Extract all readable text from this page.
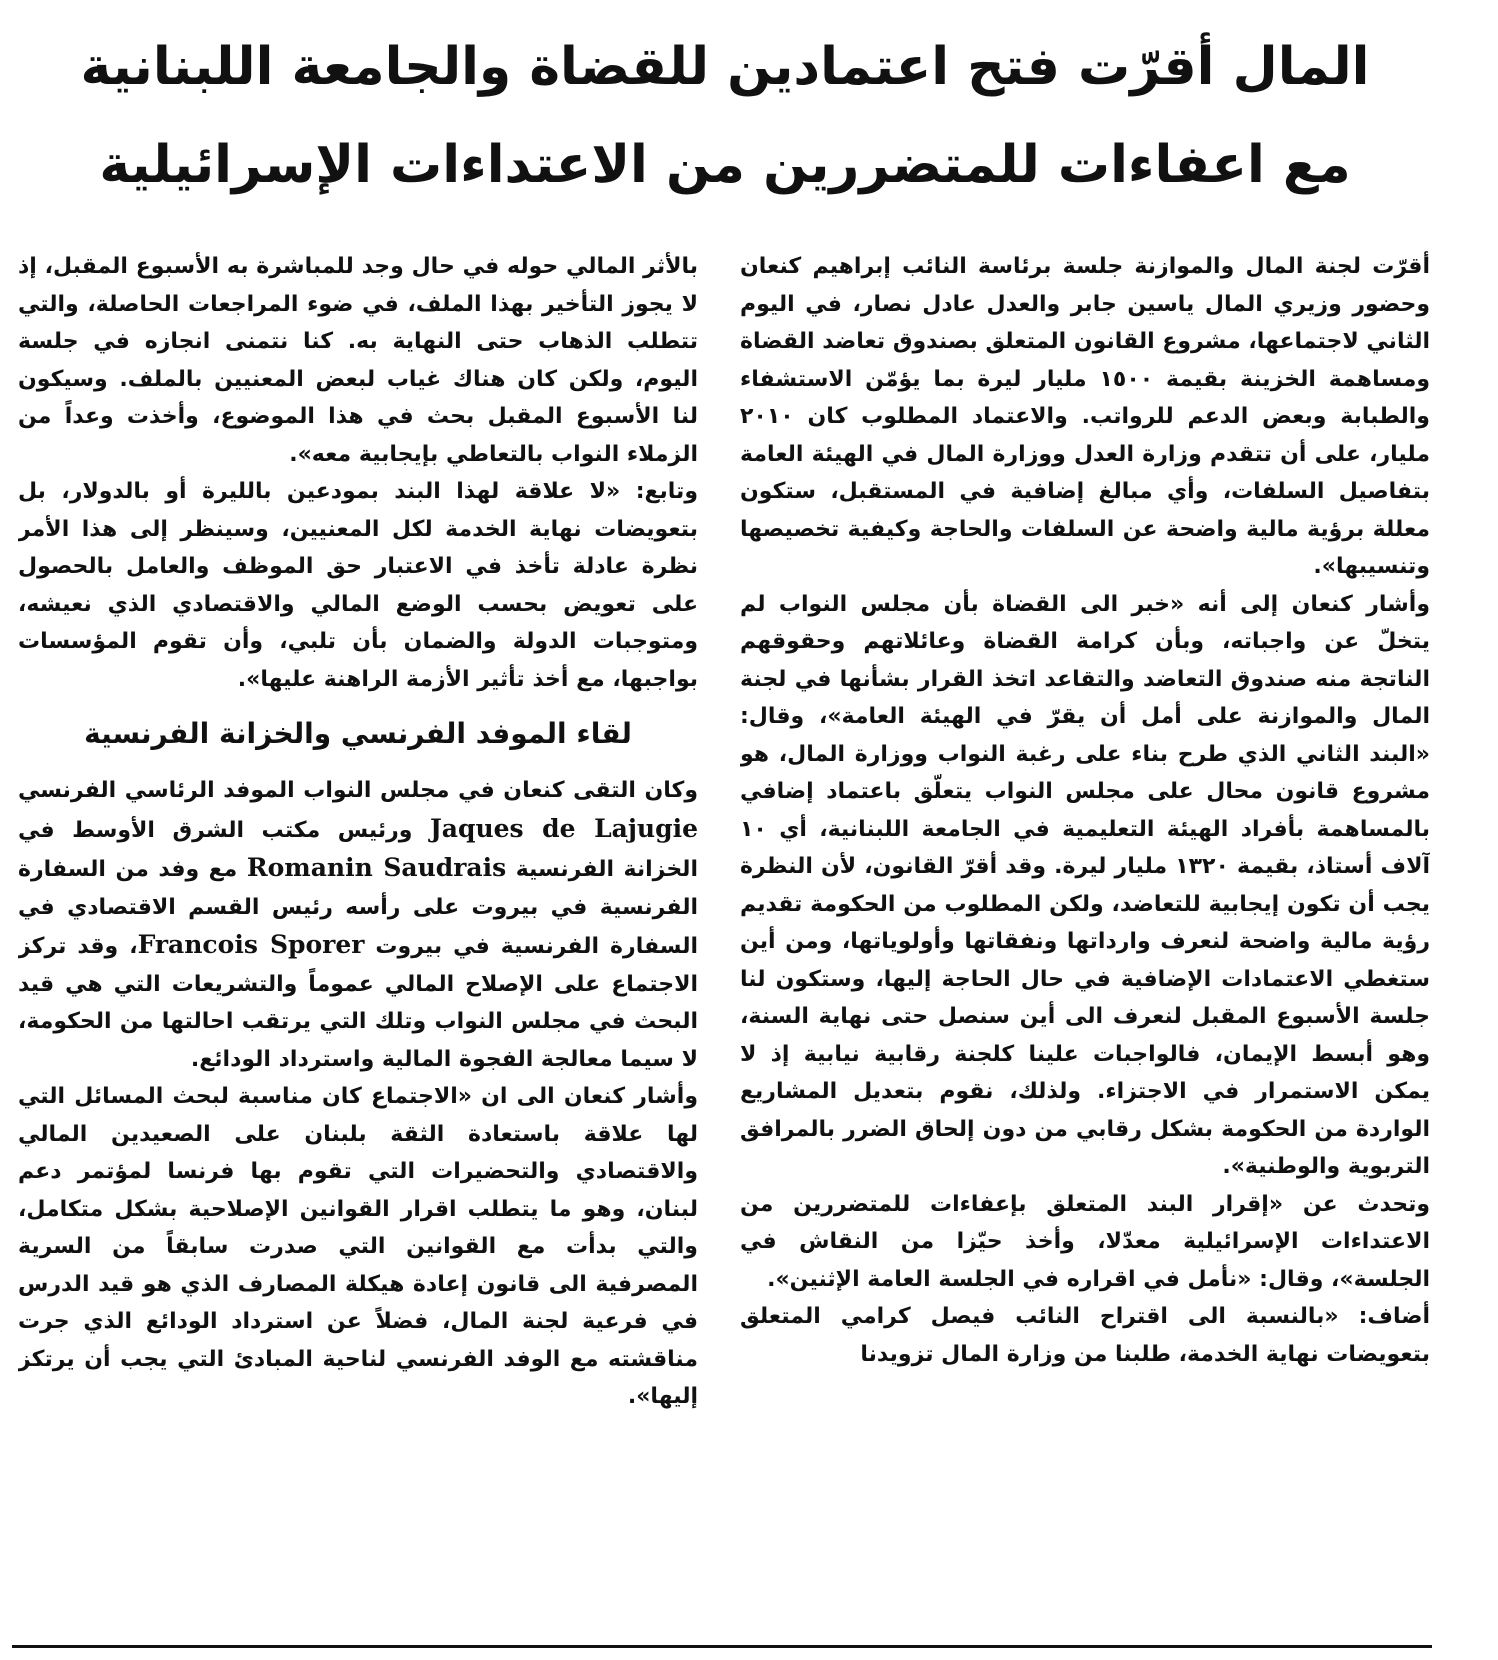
المال أقرّت فتح اعتمادين للقضاة والجامعة اللبنانية
مع اعفاءات للمتضررين من الاعتداءات الإسرائيلية

أقرّت لجنة المال والموازنة جلسة برئاسة النائب إبراهيم كنعان وحضور وزيري المال ياسين جابر والعدل عادل نصار، في اليوم الثاني لاجتماعها، مشروع القانون المتعلق بصندوق تعاضد القضاة ومساهمة الخزينة بقيمة ١٥٠٠ مليار ليرة بما يؤمّن الاستشفاء والطبابة وبعض الدعم للرواتب. والاعتماد المطلوب كان ٢٠١٠ مليار، على أن تتقدم وزارة العدل ووزارة المال في الهيئة العامة بتفاصيل السلفات، وأي مبالغ إضافية في المستقبل، ستكون معللة برؤية مالية واضحة عن السلفات والحاجة وكيفية تخصيصها وتنسيبها».

وأشار كنعان إلى أنه «خبر الى القضاة بأن مجلس النواب لم يتخلّ عن واجباته، وبأن كرامة القضاة وعائلاتهم وحقوقهم الناتجة منه صندوق التعاضد والتقاعد اتخذ القرار بشأنها في لجنة المال والموازنة على أمل أن يقرّ في الهيئة العامة»، وقال: «البند الثاني الذي طرح بناء على رغبة النواب ووزارة المال، هو مشروع قانون محال على مجلس النواب يتعلّق باعتماد إضافي بالمساهمة بأفراد الهيئة التعليمية في الجامعة اللبنانية، أي ١٠ آلاف أستاذ، بقيمة ١٣٢٠ مليار ليرة. وقد أقرّ القانون، لأن النظرة يجب أن تكون إيجابية للتعاضد، ولكن المطلوب من الحكومة تقديم رؤية مالية واضحة لنعرف وارداتها ونفقاتها وأولوياتها، ومن أين ستغطي الاعتمادات الإضافية في حال الحاجة إليها، وستكون لنا جلسة الأسبوع المقبل لنعرف الى أين سنصل حتى نهاية السنة، وهو أبسط الإيمان، فالواجبات علينا كلجنة رقابية نيابية إذ لا يمكن الاستمرار في الاجتزاء. ولذلك، نقوم بتعديل المشاريع الواردة من الحكومة بشكل رقابي من دون إلحاق الضرر بالمرافق التربوية والوطنية».

وتحدث عن «إقرار البند المتعلق بإعفاءات للمتضررين من الاعتداءات الإسرائيلية معدّلا، وأخذ حيّزا من النقاش في الجلسة»، وقال: «نأمل في اقراره في الجلسة العامة الإثنين».

أضاف: «بالنسبة الى اقتراح النائب فيصل كرامي المتعلق بتعويضات نهاية الخدمة، طلبنا من وزارة المال تزويدنا

بالأثر المالي حوله في حال وجد للمباشرة به الأسبوع المقبل، إذ لا يجوز التأخير بهذا الملف، في ضوء المراجعات الحاصلة، والتي تتطلب الذهاب حتى النهاية به. كنا نتمنى انجازه في جلسة اليوم، ولكن كان هناك غياب لبعض المعنيين بالملف. وسيكون لنا الأسبوع المقبل بحث في هذا الموضوع، وأخذت وعداً من الزملاء النواب بالتعاطي بإيجابية معه».

وتابع: «لا علاقة لهذا البند بمودعين بالليرة أو بالدولار، بل بتعويضات نهاية الخدمة لكل المعنيين، وسينظر إلى هذا الأمر نظرة عادلة تأخذ في الاعتبار حق الموظف والعامل بالحصول على تعويض بحسب الوضع المالي والاقتصادي الذي نعيشه، ومتوجبات الدولة والضمان بأن تلبي، وأن تقوم المؤسسات بواجبها، مع أخذ تأثير الأزمة الراهنة عليها».

لقاء الموفد الفرنسي والخزانة الفرنسية

وكان التقى كنعان في مجلس النواب الموفد الرئاسي الفرنسي Jaques de Lajugie ورئيس مكتب الشرق الأوسط في الخزانة الفرنسية Romanin Saudrais مع وفد من السفارة الفرنسية في بيروت على رأسه رئيس القسم الاقتصادي في السفارة الفرنسية في بيروت Francois Sporer، وقد تركز الاجتماع على الإصلاح المالي عموماً والتشريعات التي هي قيد البحث في مجلس النواب وتلك التي يرتقب احالتها من الحكومة، لا سيما معالجة الفجوة المالية واسترداد الودائع.

وأشار كنعان الى ان «الاجتماع كان مناسبة لبحث المسائل التي لها علاقة باستعادة الثقة بلبنان على الصعيدين المالي والاقتصادي والتحضيرات التي تقوم بها فرنسا لمؤتمر دعم لبنان، وهو ما يتطلب اقرار القوانين الإصلاحية بشكل متكامل، والتي بدأت مع القوانين التي صدرت سابقاً من السرية المصرفية الى قانون إعادة هيكلة المصارف الذي هو قيد الدرس في فرعية لجنة المال، فضلاً عن استرداد الودائع الذي جرت مناقشته مع الوفد الفرنسي لناحية المبادئ التي يجب أن يرتكز إليها».
